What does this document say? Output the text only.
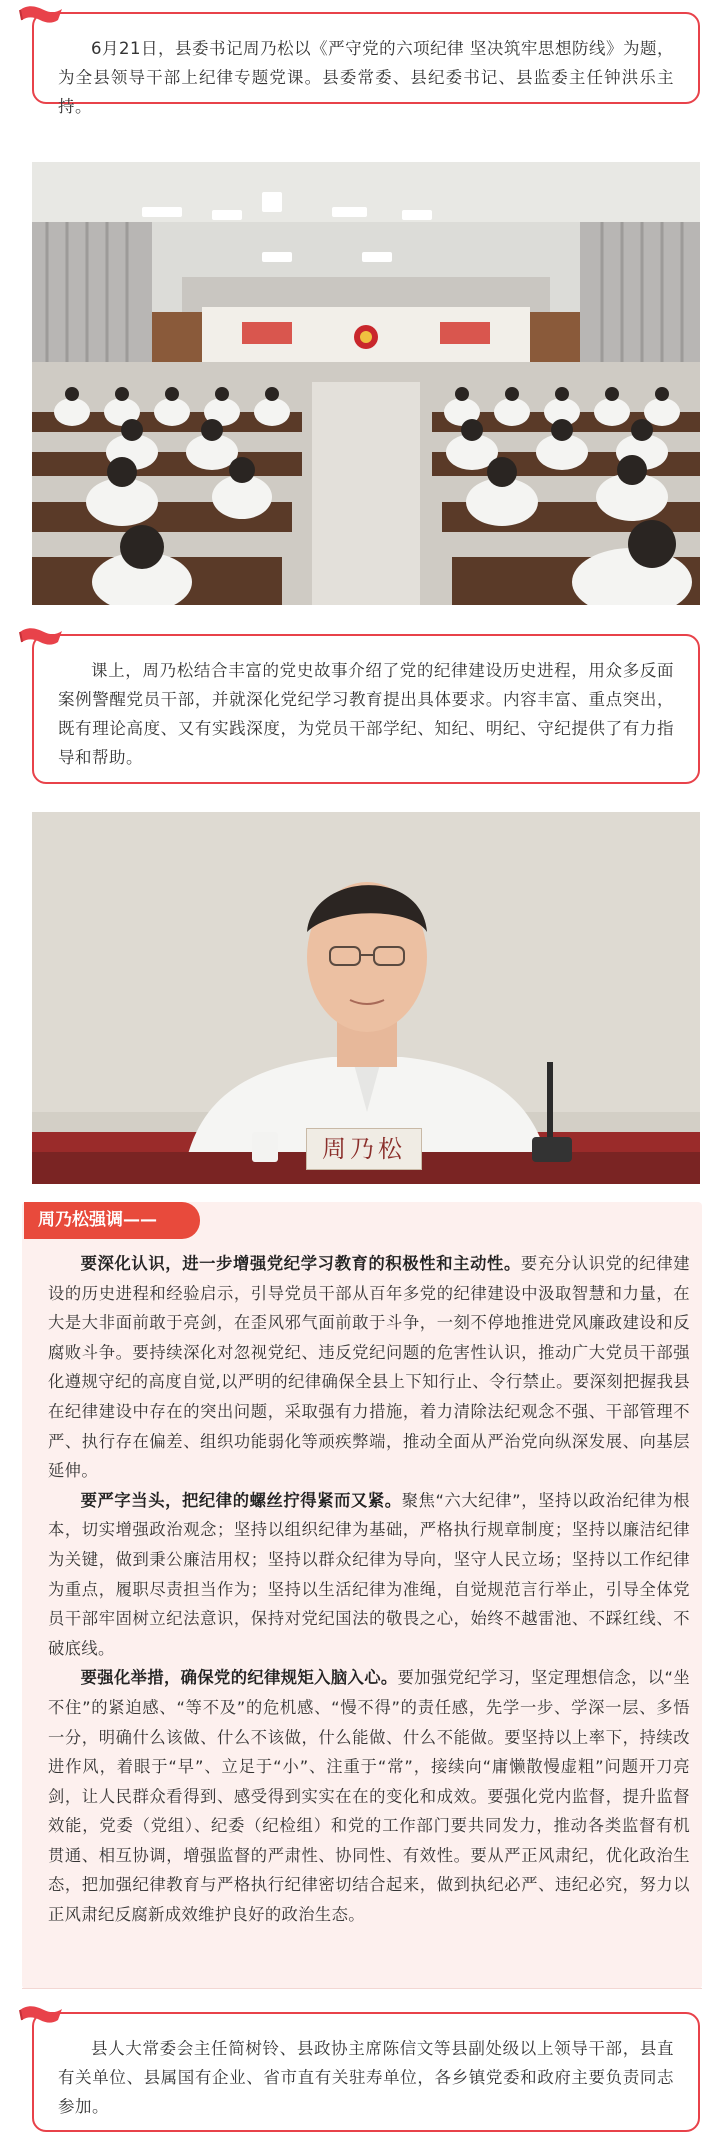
6月21日，县委书记周乃松以《严守党的六项纪律 坚决筑牢思想防线》为题，为全县领导干部上纪律专题党课。县委常委、县纪委书记、县监委主任钟洪乐主持。
课上，周乃松结合丰富的党史故事介绍了党的纪律建设历史进程，用众多反面案例警醒党员干部，并就深化党纪学习教育提出具体要求。内容丰富、重点突出，既有理论高度、又有实践深度，为党员干部学纪、知纪、明纪、守纪提供了有力指导和帮助。
周乃松
周乃松强调——

要深化认识，进一步增强党纪学习教育的积极性和主动性。要充分认识党的纪律建设的历史进程和经验启示，引导党员干部从百年多党的纪律建设中汲取智慧和力量，在大是大非面前敢于亮剑，在歪风邪气面前敢于斗争，一刻不停地推进党风廉政建设和反腐败斗争。要持续深化对忽视党纪、违反党纪问题的危害性认识，推动广大党员干部强化遵规守纪的高度自觉,以严明的纪律确保全县上下知行止、令行禁止。要深刻把握我县在纪律建设中存在的突出问题，采取强有力措施，着力清除法纪观念不强、干部管理不严、执行存在偏差、组织功能弱化等顽疾弊端，推动全面从严治党向纵深发展、向基层延伸。

要严字当头，把纪律的螺丝拧得紧而又紧。聚焦“六大纪律”，坚持以政治纪律为根本，切实增强政治观念；坚持以组织纪律为基础，严格执行规章制度；坚持以廉洁纪律为关键，做到秉公廉洁用权；坚持以群众纪律为导向，坚守人民立场；坚持以工作纪律为重点，履职尽责担当作为；坚持以生活纪律为准绳，自觉规范言行举止，引导全体党员干部牢固树立纪法意识，保持对党纪国法的敬畏之心，始终不越雷池、不踩红线、不破底线。

要强化举措，确保党的纪律规矩入脑入心。要加强党纪学习，坚定理想信念，以“坐不住”的紧迫感、“等不及”的危机感、“慢不得”的责任感，先学一步、学深一层、多悟一分，明确什么该做、什么不该做，什么能做、什么不能做。要坚持以上率下，持续改进作风，着眼于“早”、立足于“小”、注重于“常”，接续向“庸懒散慢虚粗”问题开刀亮剑，让人民群众看得到、感受得到实实在在的变化和成效。要强化党内监督，提升监督效能，党委（党组）、纪委（纪检组）和党的工作部门要共同发力，推动各类监督有机贯通、相互协调，增强监督的严肃性、协同性、有效性。要从严正风肃纪，优化政治生态，把加强纪律教育与严格执行纪律密切结合起来，做到执纪必严、违纪必究，努力以正风肃纪反腐新成效维护良好的政治生态。

县人大常委会主任简树铃、县政协主席陈信文等县副处级以上领导干部，县直有关单位、县属国有企业、省市直有关驻寿单位，各乡镇党委和政府主要负责同志参加。
